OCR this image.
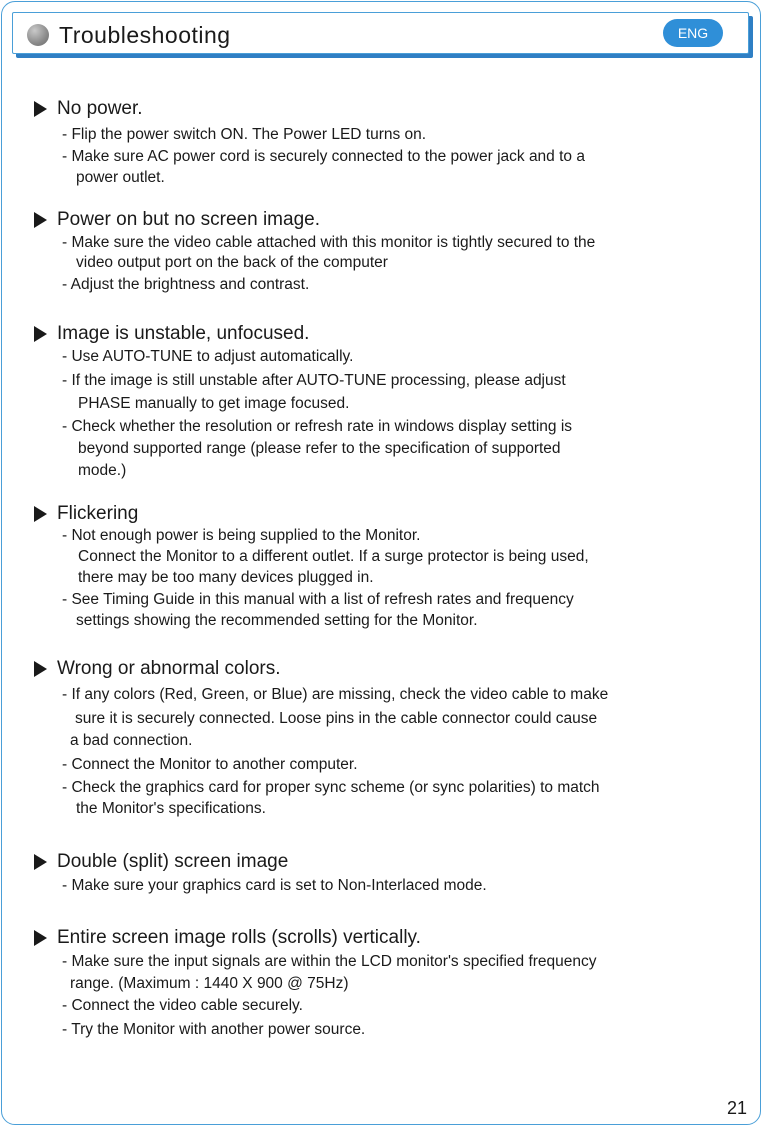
Troubleshooting	ENG
No power.
- Flip the power switch ON. The Power LED turns on.
- Make sure AC power cord is securely connected to the power jack and to a
power outlet.
Power on but no screen image.
- Make sure the video cable attached with this monitor is tightly secured to the
video output port on the back of the computer
- Adjust the brightness and contrast.
Image is unstable, unfocused.
- Use AUTO-TUNE to adjust automatically.
- If the image is still unstable after AUTO-TUNE processing, please adjust
PHASE manually to get image focused.
- Check whether the resolution or refresh rate in windows display setting is
beyond supported range (please refer to the specification of supported
mode.)
Flickering
- Not enough power is being supplied to the Monitor.
Connect the Monitor to a different outlet. If a surge protector is being used,
there may be too many devices plugged in.
- See Timing Guide in this manual with a list of refresh rates and frequency
settings showing the recommended setting for the Monitor.
Wrong or abnormal colors.
- If any colors (Red, Green, or Blue) are missing, check the video cable to make
sure it is securely connected. Loose pins in the cable connector could cause
a bad connection.
- Connect the Monitor to another computer.
- Check the graphics card for proper sync scheme (or sync polarities) to match
the Monitor's specifications.
Double (split) screen image
- Make sure your graphics card is set to Non-Interlaced mode.
Entire screen image rolls (scrolls) vertically.
- Make sure the input signals are within the LCD monitor's specified frequency
range. (Maximum : 1440 X 900 @ 75Hz)
- Connect the video cable securely.
- Try the Monitor with another power source.
21
